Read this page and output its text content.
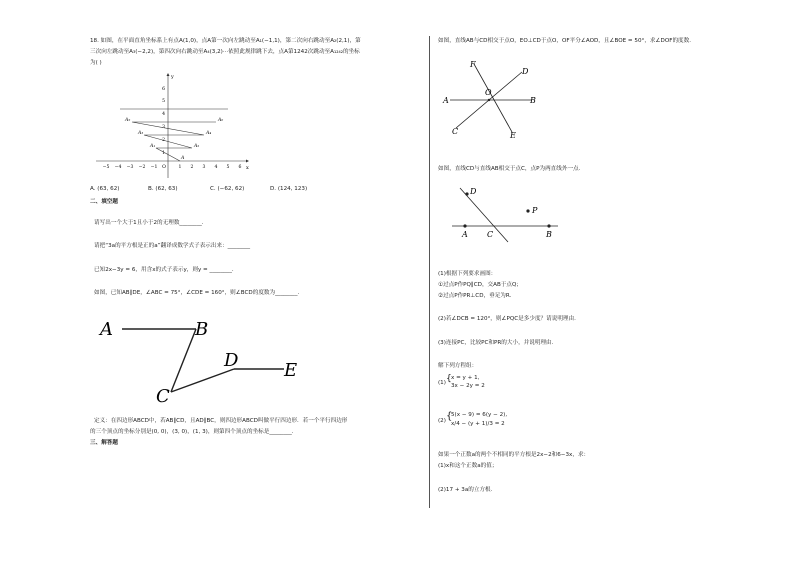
18. 如图，在平面直角坐标系上有点A(1,0)，点A第一次向左跳动至A₁(−1,1)，第二次向右跳动至A₂(2,1)，第
三次向左跳动至A₃(−2,2)，第四次向右跳动至A₄(3,2)···依照此规律跳下去，点A第1242次跳动至A₁₂₄₂的坐标
为( )
x
y
6
5
4
3
2
1
−5 −4 −3 −2 −1 O	1 2 3 4 5 6
A
A₁	A₂
A₃	A₄
A₅	A₆
A. (63, 62)	B. (62, 63)	C. (−62, 62)	D. (124, 123)
二、填空题
请写出一个大于1且小于2的无理数________.
请把“3a的平方根是正的a”翻译成数学式子表示出来：________
已知2x−3y = 6，用含x的式子表示y，则y = ________.
如图，已知AB∥DE，∠ABC = 75°，∠CDE = 160°，则∠BCD的度数为________.
A	B
C
D	E
定义：在四边形ABCD中，若AB∥CD，且AD∥BC，则四边形ABCD叫做平行四边形．若一个平行四边形
的三个顶点的坐标分别是(0, 0)，(3, 0)，(1, 3)，则第四个顶点的坐标是________.
三、解答题
如图，直线AB与CD相交于点O，EO⊥CD于点O，OF平分∠AOD，且∠BOE = 50°，求∠DOF的度数.
A	B
C
D
E
F
O
如图，直线CD与直线AB相交于点C，点P为两直线外一点.
A	B
C
D
P
(1)根据下列要求画图：
①过点P作PQ∥CD，交AB于点Q；
②过点P作PR⊥CD，垂足为R.
(2)若∠DCB = 120°，则∠PQC是多少度？请说明理由.
(3)连接PC，比较PC和PR的大小，并说明理由.
解下列方程组：
(1) { x = y + 1,
3x − 2y = 2
(2) {
5(x − 9) = 6(y − 2),
x/4 − (y + 1)/3 = 2
如果一个正数a的两个不相同的平方根是2x−2和6−3x，求：
(1)x和这个正数a的值；
(2)17 + 3a的立方根.
